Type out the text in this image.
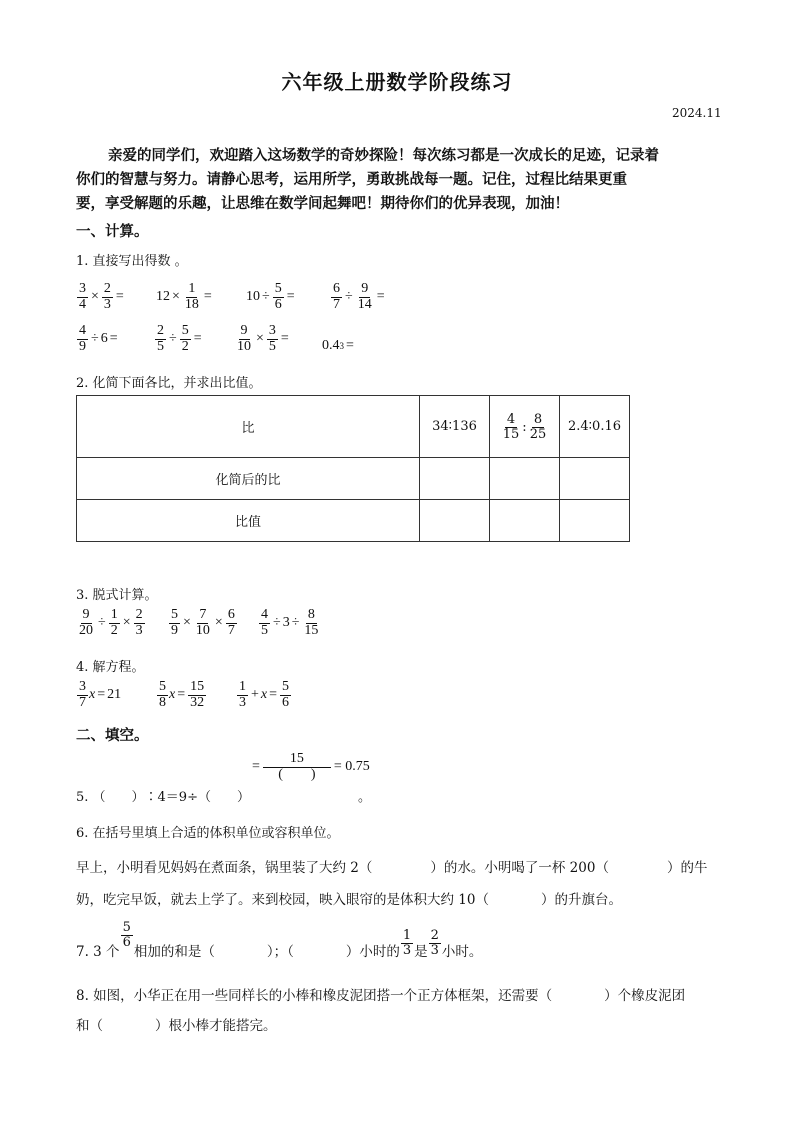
六年级上册数学阶段练习
2024.11
亲爱的同学们，欢迎踏入这场数学的奇妙探险！每次练习都是一次成长的足迹，记录着
你们的智慧与努力。请静心思考，运用所学，勇敢挑战每一题。记住，过程比结果更重
要，享受解题的乐趣，让思维在数学间起舞吧！期待你们的优异表现，加油！
一、计算。
1. 直接写出得数 。
$\frac{3}{4} \times \frac{2}{3} = 12 \times \frac{1}{18} = 10 \div \frac{5}{6}$ =	$\frac{6}{7} \div \frac{9}{14}$ =
$\frac{4}{9} \div 6$ =	$\frac{2}{5} \div \frac{5}{2} = \frac{9}{10} \times \frac{3}{5} = 0.4$ 3 =
2. 化简下面各比，并求出比值。
比	34∶136	$\frac{4}{15}$ : $\frac{8}{25}$	2.4∶0.16
化简后的比			
比值			
3. 脱式计算。
$\frac{9}{20} \div \frac{1}{2} \times \frac{2}{3} \frac{5}{9} \times \frac{7}{10} \times \frac{6}{7} \frac{4}{5} \div 3 \div \frac{8}{15}$
4. 解方程。
$\frac{3}{7}$ x = 21	$\frac{5}{8}$ $x = \frac{15}{32} \frac{1}{3} + x = \frac{5}{6}$
二、填空。
= $\frac{15}{( )} = 0.75$
5. （　　）∶4＝9÷（　　）	。
6. 在括号里填上合适的体积单位或容积单位。
早上，小明看见妈妈在煮面条，锅里装了大约 2（	）的水。小明喝了一杯 200（	）的牛
奶，吃完早饭，就去上学了。来到校园，映入眼帘的是体积大约 10（	）的升旗台。
7. 3 个
$\frac{5}{6}$
相加的和是（	）；（	）小时的 $\frac{1}{3}$ 是 $\frac{2}{3}$ 小时。
8. 如图，小华正在用一些同样长的小棒和橡皮泥团搭一个正方体框架，还需要（	）个橡皮泥团
和（	）根小棒才能搭完。
